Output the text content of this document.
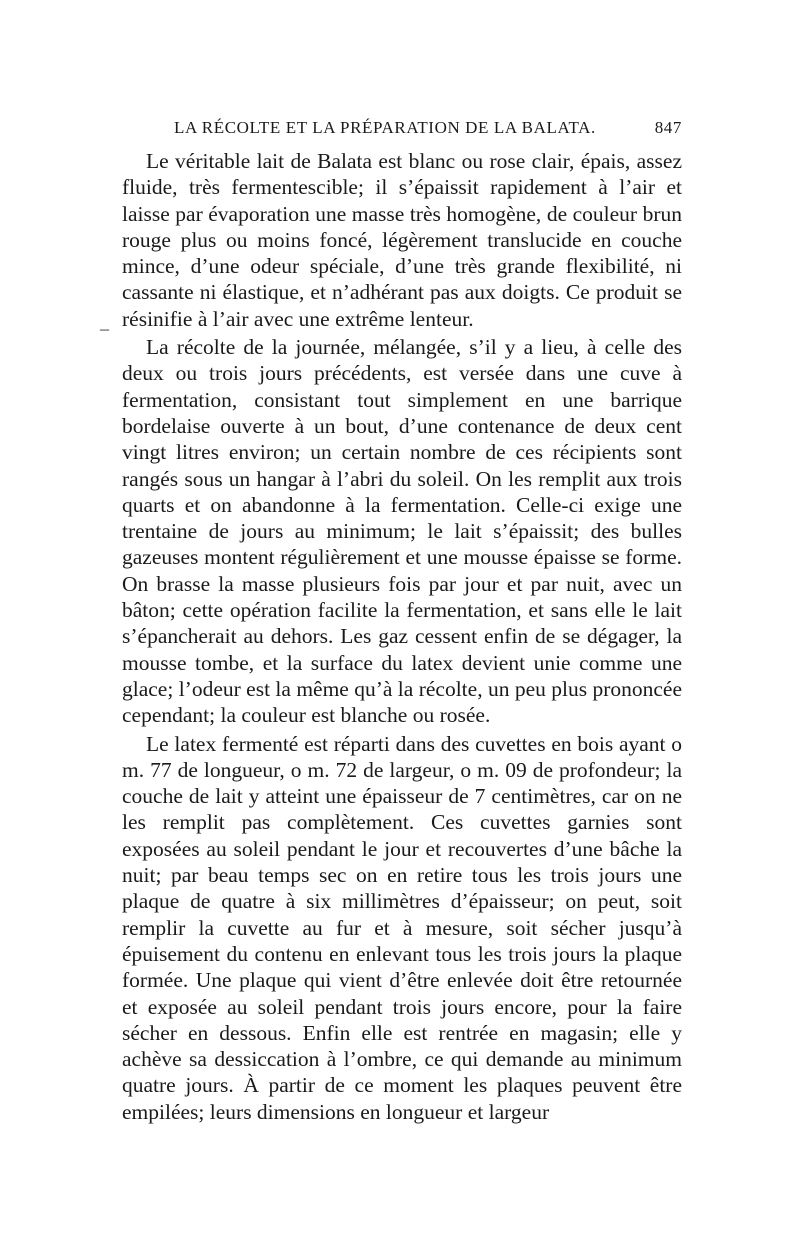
LA RÉCOLTE ET LA PRÉPARATION DE LA BALATA.	847

Le véritable lait de Balata est blanc ou rose clair, épais, assez fluide, très fermentescible; il s’épaissit rapidement à l’air et laisse par évaporation une masse très homogène, de couleur brun rouge plus ou moins foncé, légèrement translucide en couche mince, d’une odeur spéciale, d’une très grande flexibilité, ni cassante ni élastique, et n’adhérant pas aux doigts. Ce produit se résinifie à l’air avec une extrême lenteur.

La récolte de la journée, mélangée, s’il y a lieu, à celle des deux ou trois jours précédents, est versée dans une cuve à fermentation, consistant tout simplement en une barrique bordelaise ouverte à un bout, d’une contenance de deux cent vingt litres environ; un certain nombre de ces récipients sont rangés sous un hangar à l’abri du soleil. On les remplit aux trois quarts et on abandonne à la fermentation. Celle-ci exige une trentaine de jours au minimum; le lait s’épaissit; des bulles gazeuses montent régulièrement et une mousse épaisse se forme. On brasse la masse plusieurs fois par jour et par nuit, avec un bâton; cette opération facilite la fermentation, et sans elle le lait s’épancherait au dehors. Les gaz cessent enfin de se dégager, la mousse tombe, et la surface du latex devient unie comme une glace; l’odeur est la même qu’à la récolte, un peu plus prononcée cependant; la couleur est blanche ou rosée.

Le latex fermenté est réparti dans des cuvettes en bois ayant o m. 77 de longueur, o m. 72 de largeur, o m. 09 de profondeur; la couche de lait y atteint une épaisseur de 7 centimètres, car on ne les remplit pas complètement. Ces cuvettes garnies sont exposées au soleil pendant le jour et recouvertes d’une bâche la nuit; par beau temps sec on en retire tous les trois jours une plaque de quatre à six millimètres d’épaisseur; on peut, soit remplir la cuvette au fur et à mesure, soit sécher jusqu’à épuisement du contenu en enlevant tous les trois jours la plaque formée. Une plaque qui vient d’être enlevée doit être retournée et exposée au soleil pendant trois jours encore, pour la faire sécher en dessous. Enfin elle est rentrée en magasin; elle y achève sa dessiccation à l’ombre, ce qui demande au minimum quatre jours. À partir de ce moment les plaques peuvent être empilées; leurs dimensions en longueur et largeur

_
